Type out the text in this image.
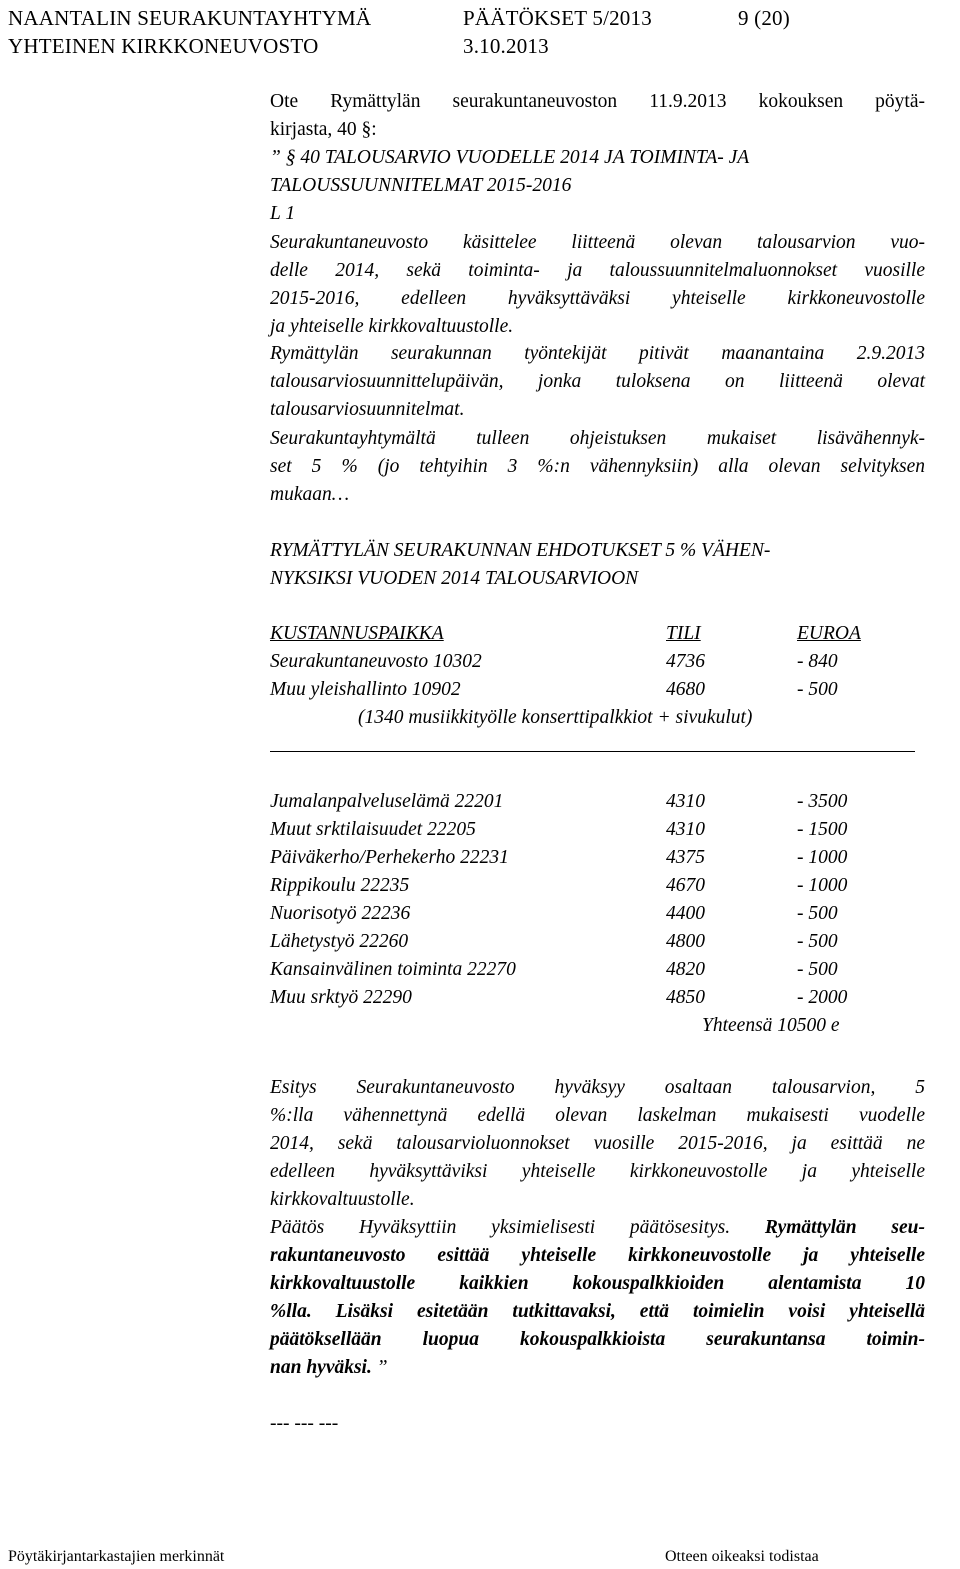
NAANTALIN SEURAKUNTAYHTYMÄ
YHTEINEN KIRKKONEUVOSTO
PÄÄTÖKSET 5/2013
3.10.2013
9 (20)
Ote Rymättylän seurakuntaneuvoston 11.9.2013 kokouksen pöytä-
kirjasta, 40 §:
” § 40 TALOUSARVIO VUODELLE 2014 JA TOIMINTA- JA
TALOUSSUUNNITELMAT 2015-2016
L 1
Seurakuntaneuvosto käsittelee liitteenä olevan talousarvion vuo-
delle 2014, sekä toiminta- ja taloussuunnitelmaluonnokset vuosille
2015-2016, edelleen hyväksyttäväksi yhteiselle kirkkoneuvostolle
ja yhteiselle kirkkovaltuustolle.
Rymättylän seurakunnan työntekijät pitivät maanantaina 2.9.2013
talousarviosuunnittelupäivän, jonka tuloksena on liitteenä olevat
talousarviosuunnitelmat.
Seurakuntayhtymältä tulleen ohjeistuksen mukaiset lisävähennyk-
set 5 % (jo tehtyihin 3 %:n vähennyksiin) alla olevan selvityksen
mukaan…
RYMÄTTYLÄN SEURAKUNNAN EHDOTUKSET 5 % VÄHEN-
NYKSIKSI VUODEN 2014 TALOUSARVIOON
KUSTANNUSPAIKKA	TILI	EUROA
Seurakuntaneuvosto 10302	4736	- 840
Muu yleishallinto 10902	4680	- 500
(1340 musiikkityölle konserttipalkkiot + sivukulut)
Jumalanpalveluselämä 22201	4310	- 3500
Muut srktilaisuudet 22205	4310	- 1500
Päiväkerho/Perhekerho 22231	4375	- 1000
Rippikoulu 22235	4670	- 1000
Nuorisotyö 22236	4400	- 500
Lähetystyö 22260	4800	- 500
Kansainvälinen toiminta 22270	4820	- 500
Muu srktyö 22290	4850	- 2000
Yhteensä 10500 e
Esitys Seurakuntaneuvosto hyväksyy osaltaan talousarvion, 5
%:lla vähennettynä edellä olevan laskelman mukaisesti vuodelle
2014, sekä talousarvioluonnokset vuosille 2015-2016, ja esittää ne
edelleen hyväksyttäviksi yhteiselle kirkkoneuvostolle ja yhteiselle
kirkkovaltuustolle.
Päätös Hyväksyttiin yksimielisesti päätösesitys. Rymättylän seu-
rakuntaneuvosto esittää yhteiselle kirkkoneuvostolle ja yhteiselle
kirkkovaltuustolle kaikkien kokouspalkkioiden alentamista 10
%lla. Lisäksi esitetään tutkittavaksi, että toimielin voisi yhteisellä
päätöksellään luopua kokouspalkkioista seurakuntansa toimin-
nan hyväksi. ”
--- --- ---
Pöytäkirjantarkastajien merkinnät	Otteen oikeaksi todistaa
